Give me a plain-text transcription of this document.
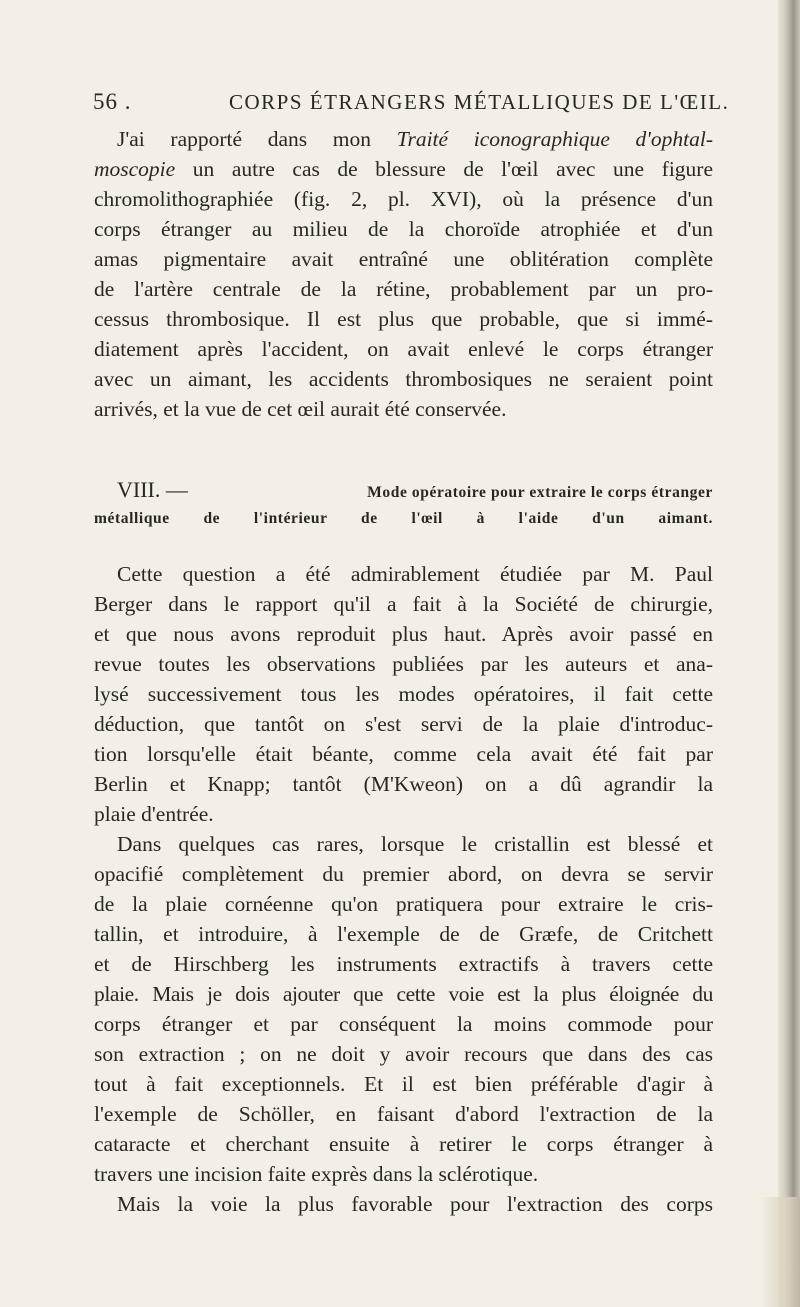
56 .	CORPS ÉTRANGERS MÉTALLIQUES DE L'ŒIL.
J'ai rapporté dans mon Traité iconographique d'ophtal-
moscopie un autre cas de blessure de l'œil avec une figure
chromolithographiée (fig. 2, pl. XVI), où la présence d'un
corps étranger au milieu de la choroïde atrophiée et d'un
amas pigmentaire avait entraîné une oblitération complète
de l'artère centrale de la rétine, probablement par un pro-
cessus thrombosique. Il est plus que probable, que si immé-
diatement après l'accident, on avait enlevé le corps étranger
avec un aimant, les accidents thrombosiques ne seraient point
arrivés, et la vue de cet œil aurait été conservée.
VIII. —	Mode opératoire pour extraire le corps étranger
métallique de l'intérieur de l'œil à l'aide d'un aimant.
Cette question a été admirablement étudiée par M. Paul
Berger dans le rapport qu'il a fait à la Société de chirurgie,
et que nous avons reproduit plus haut. Après avoir passé en
revue toutes les observations publiées par les auteurs et ana-
lysé successivement tous les modes opératoires, il fait cette
déduction, que tantôt on s'est servi de la plaie d'introduc-
tion lorsqu'elle était béante, comme cela avait été fait par
Berlin et Knapp; tantôt (M'Kweon) on a dû agrandir la
plaie d'entrée.
Dans quelques cas rares, lorsque le cristallin est blessé et
opacifié complètement du premier abord, on devra se servir
de la plaie cornéenne qu'on pratiquera pour extraire le cris-
tallin, et introduire, à l'exemple de de Græfe, de Critchett
et de Hirschberg les instruments extractifs à travers cette
plaie. Mais je dois ajouter que cette voie est la plus éloignée du
corps étranger et par conséquent la moins commode pour
son extraction ; on ne doit y avoir recours que dans des cas
tout à fait exceptionnels. Et il est bien préférable d'agir à
l'exemple de Schöller, en faisant d'abord l'extraction de la
cataracte et cherchant ensuite à retirer le corps étranger à
travers une incision faite exprès dans la sclérotique.
Mais la voie la plus favorable pour l'extraction des corps
